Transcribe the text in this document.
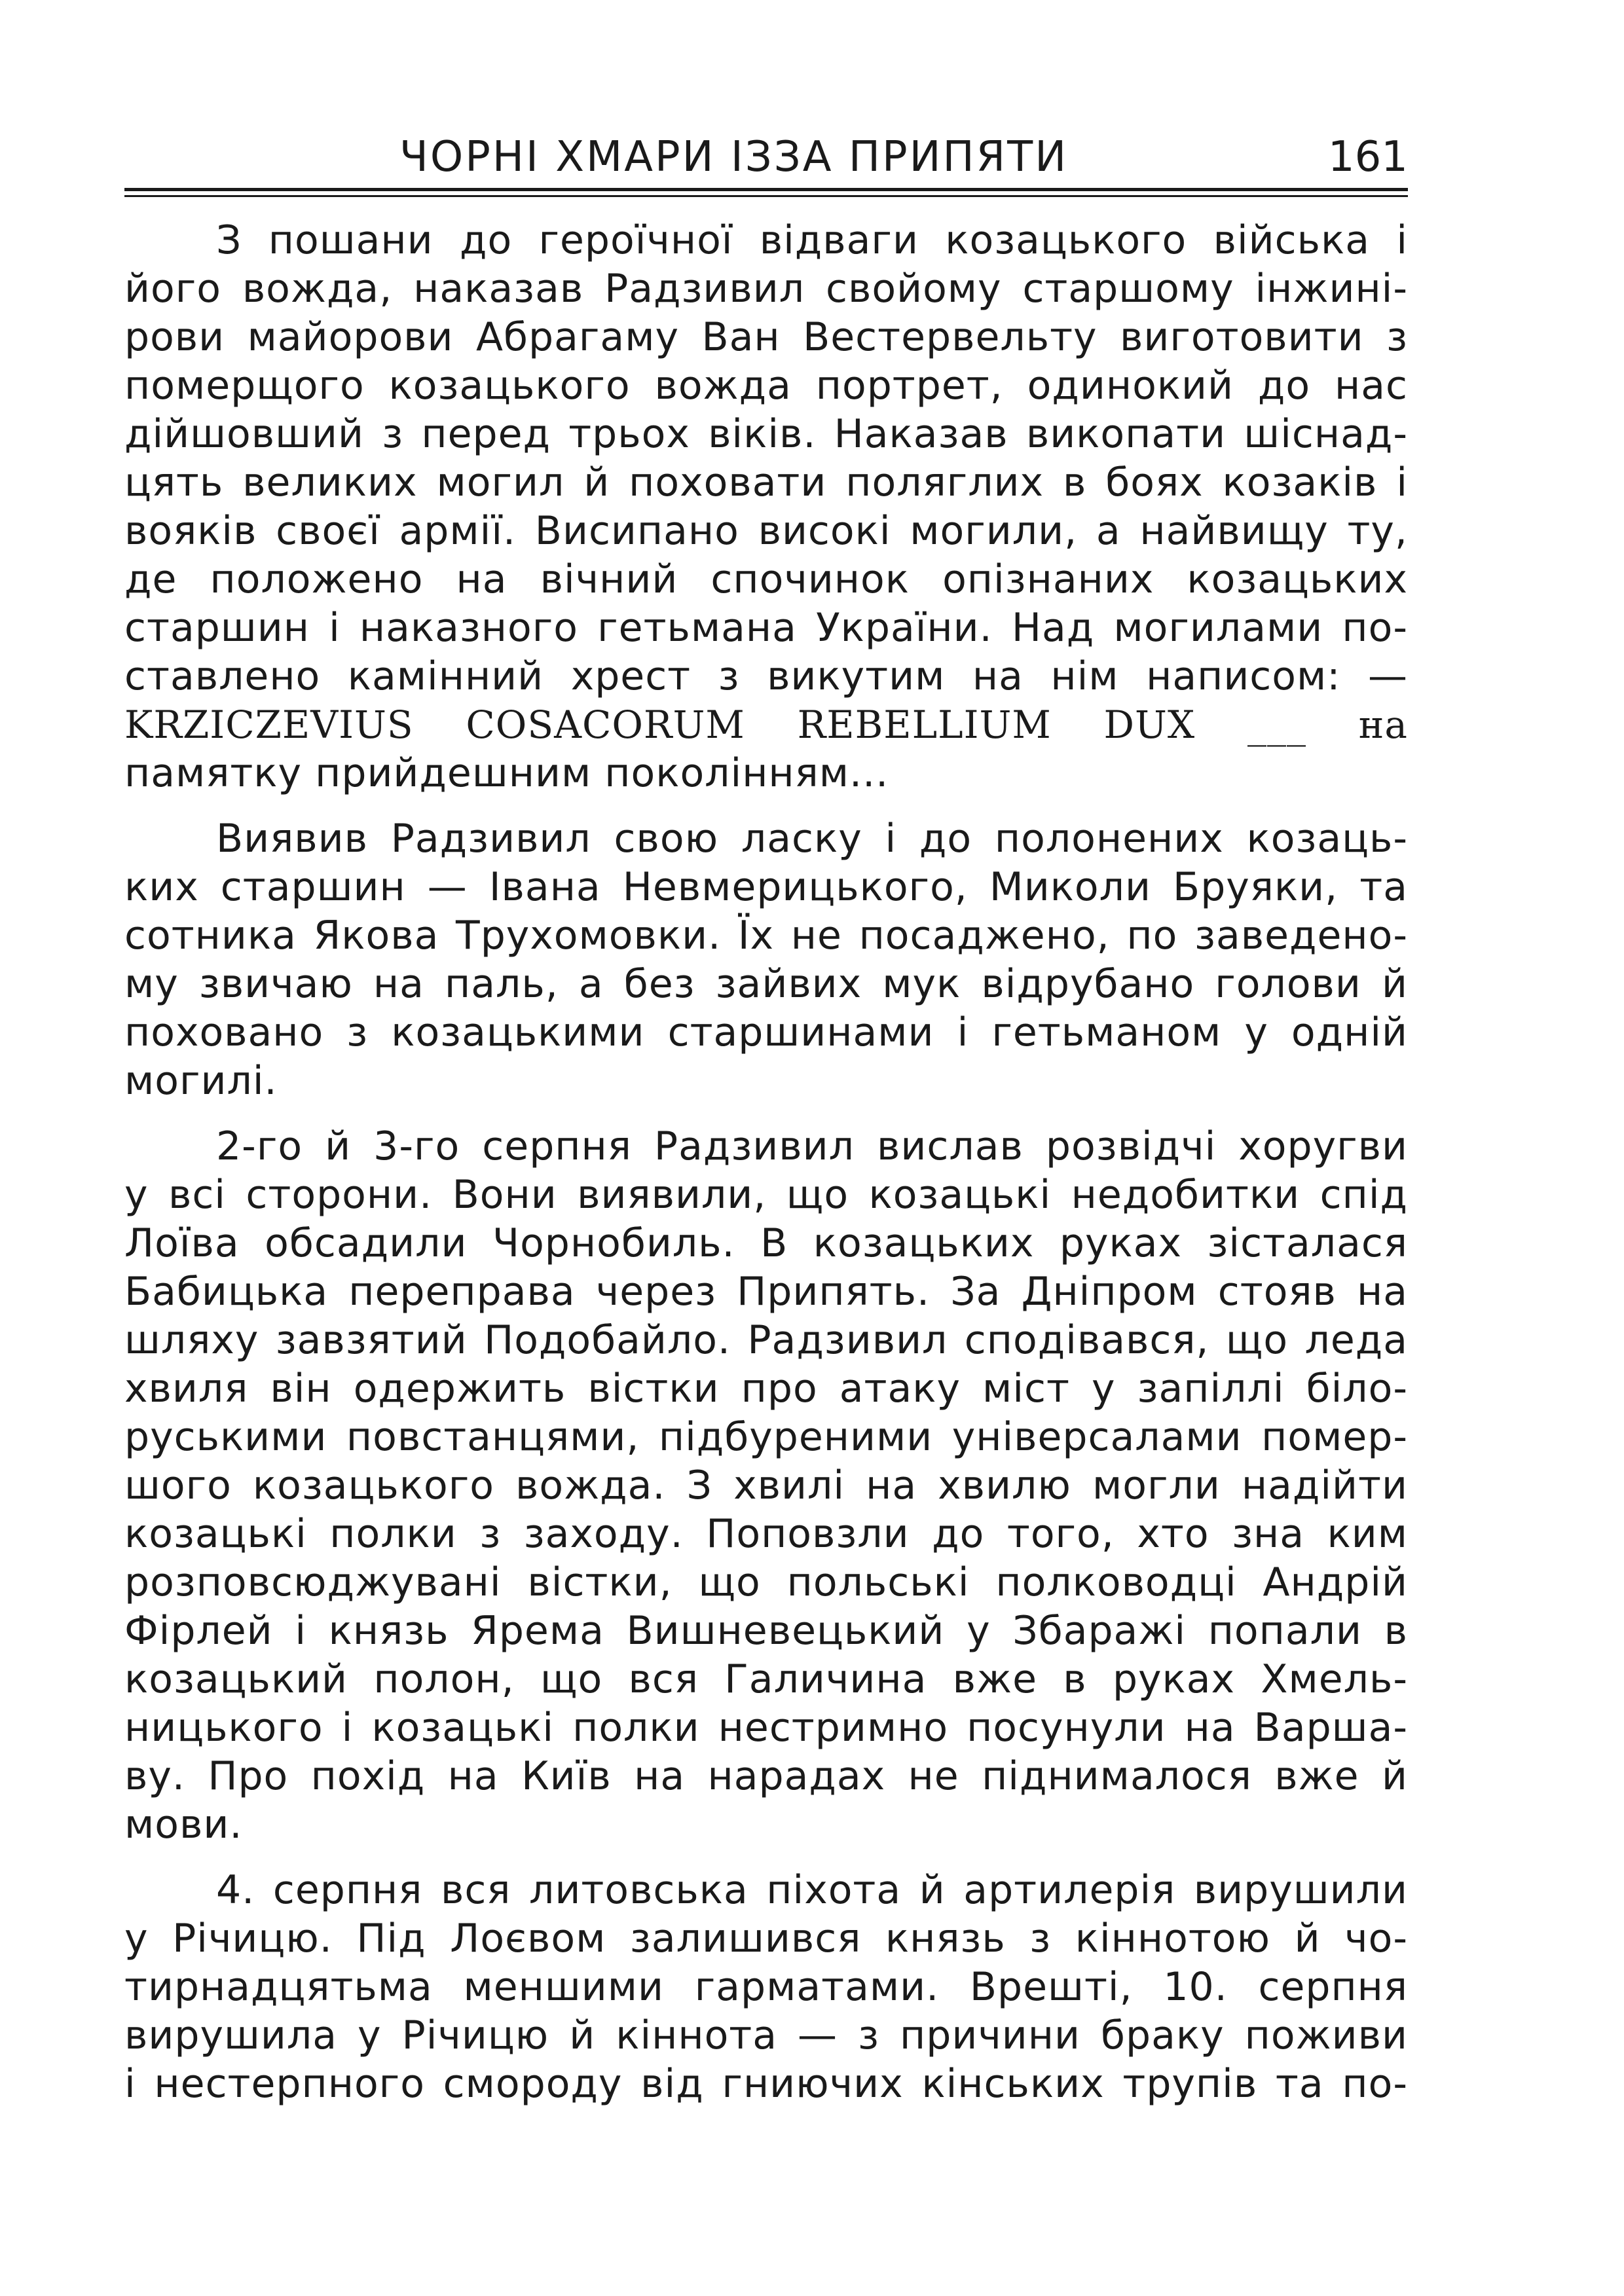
ЧОРНІ ХМАРИ ІЗЗА ПРИПЯТИ	161
З пошани до героїчної відваги козацького війська і
його вожда, наказав Радзивил свойому старшому інжині-
рови майорови Абрагаму Ван Вестервельту виготовити з
померщого козацького вожда портрет, одинокий до нас
дійшовший з перед трьох віків. Наказав викопати шіснад-
цять великих могил й поховати поляглих в боях козаків і
вояків своєї армії. Висипано високі могили, а найвищу ту,
де положено на вічний спочинок опізнаних козацьких
старшин і наказного гетьмана України. Над могилами по-
ставлено камінний хрест з викутим на нім написом: —
KRZICZEVIUS COSACORUM REBELLIUM DUX ___ на
памятку прийдешним поколінням...
Виявив Радзивил свою ласку і до полонених козаць-
ких старшин — Івана Невмерицького, Миколи Бруяки, та
сотника Якова Трухомовки. Їх не посаджено, по заведено-
му звичаю на паль, а без зайвих мук відрубано голови й
поховано з козацькими старшинами і гетьманом у одній
могилі.
2-го й 3-го серпня Радзивил вислав розвідчі хоругви
у всі сторони. Вони виявили, що козацькі недобитки спід
Лоїва обсадили Чорнобиль. В козацьких руках зісталася
Бабицька переправа через Припять. За Дніпром стояв на
шляху завзятий Подобайло. Радзивил сподівався, що леда
хвиля він одержить вістки про атаку міст у запіллі біло-
руськими повстанцями, підбуреними універсалами помер-
шого козацького вожда. З хвилі на хвилю могли надійти
козацькі полки з заходу. Поповзли до того, хто зна ким
розповсюджувані вістки, що польські полководці Андрій
Фірлей і князь Ярема Вишневецький у Збаражі попали в
козацький полон, що вся Галичина вже в руках Хмель-
ницького і козацькі полки нестримно посунули на Варша-
ву. Про похід на Київ на нарадах не піднималося вже й
мови.
4. серпня вся литовська піхота й артилерія вирушили
у Річицю. Під Лоєвом залишився князь з кіннотою й чо-
тирнадцятьма меншими гарматами. Врешті, 10. серпня
вирушила у Річицю й кіннота — з причини браку поживи
і нестерпного смороду від гниючих кінських трупів та по-
